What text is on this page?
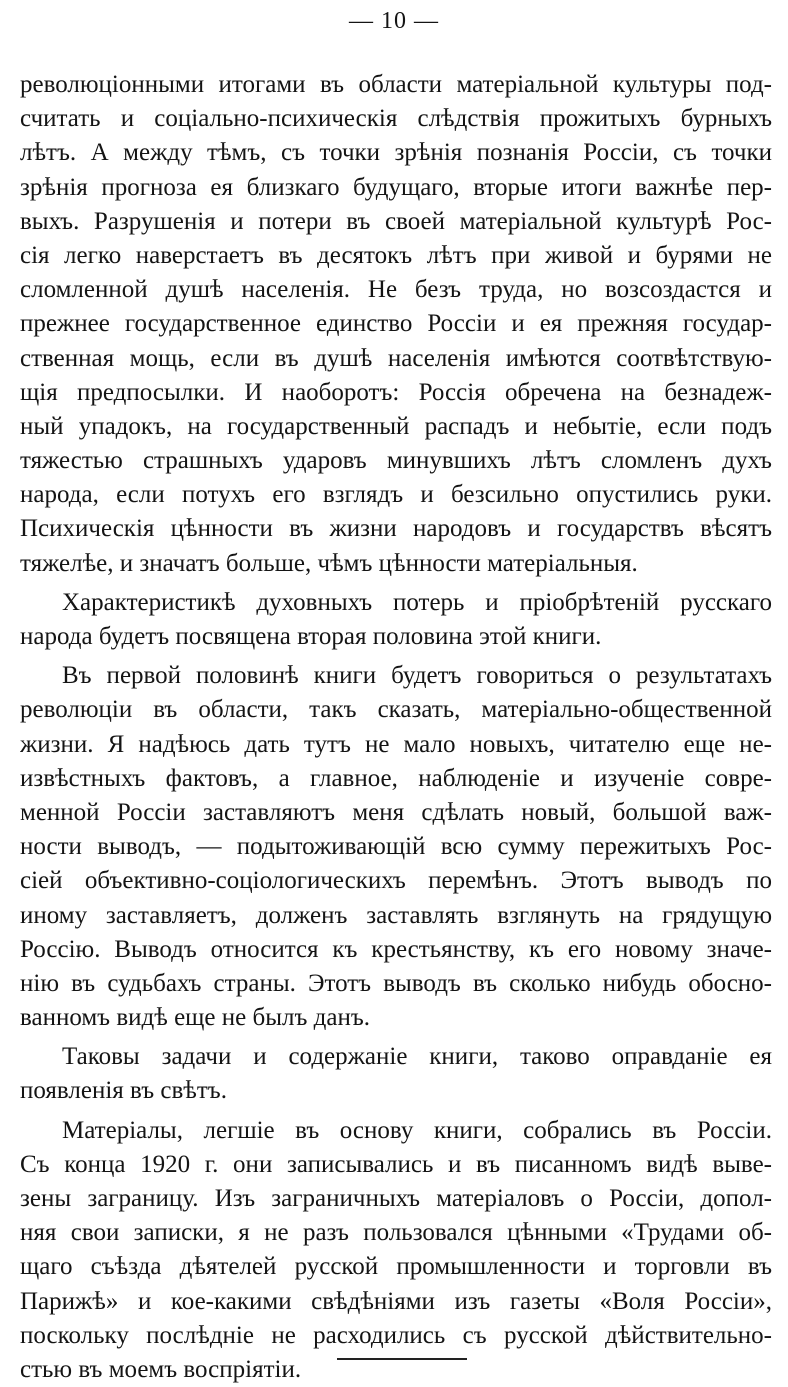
— 10 —
революціонными итогами въ области матеріальной культуры под-
считать и соціально-психическія слѣдствія прожитыхъ бурныхъ
лѣтъ. А между тѣмъ, съ точки зрѣнія познанія Россіи, съ точки
зрѣнія прогноза ея близкаго будущаго, вторые итоги важнѣе пер-
выхъ. Разрушенія и потери въ своей матеріальной культурѣ Рос-
сія легко наверстаетъ въ десятокъ лѣтъ при живой и бурями не
сломленной душѣ населенія. Не безъ труда, но возсоздастся и
прежнее государственное единство Россіи и ея прежняя государ-
ственная мощь, если въ душѣ населенія имѣются соотвѣтствую-
щія предпосылки. И наоборотъ: Россія обречена на безнадеж-
ный упадокъ, на государственный распадъ и небытіе, если подъ
тяжестью страшныхъ ударовъ минувшихъ лѣтъ сломленъ духъ
народа, если потухъ его взглядъ и безсильно опустились руки.
Психическія цѣнности въ жизни народовъ и государствъ вѣсятъ
тяжелѣе, и значатъ больше, чѣмъ цѣнности матеріальныя.
Характеристикѣ духовныхъ потерь и пріобрѣтеній русскаго
народа будетъ посвящена вторая половина этой книги.
Въ первой половинѣ книги будетъ говориться о результатахъ
революціи въ области, такъ сказать, матеріально-общественной
жизни. Я надѣюсь дать тутъ не мало новыхъ, читателю еще не-
извѣстныхъ фактовъ, а главное, наблюденіе и изученіе совре-
менной Россіи заставляютъ меня сдѣлать новый, большой важ-
ности выводъ, — подытоживающій всю сумму пережитыхъ Рос-
сіей объективно-соціологическихъ перемѣнъ. Этотъ выводъ по
иному заставляетъ, долженъ заставлять взглянуть на грядущую
Россію. Выводъ относится къ крестьянству, къ его новому значе-
нію въ судьбахъ страны. Этотъ выводъ въ сколько нибудь обосно-
ванномъ видѣ еще не былъ данъ.
Таковы задачи и содержаніе книги, таково оправданіе ея
появленія въ свѣтъ.
Матеріалы, легшіе въ основу книги, собрались въ Россіи.
Съ конца 1920 г. они записывались и въ писанномъ видѣ выве-
зены заграницу. Изъ заграничныхъ матеріаловъ о Россіи, допол-
няя свои записки, я не разъ пользовался цѣнными «Трудами об-
щаго съѣзда дѣятелей русской промышленности и торговли въ
Парижѣ» и кое-какими свѣдѣніями изъ газеты «Воля Россіи»,
поскольку послѣдніе не расходились съ русской дѣйствительно-
стью въ моемъ воспріятіи.
